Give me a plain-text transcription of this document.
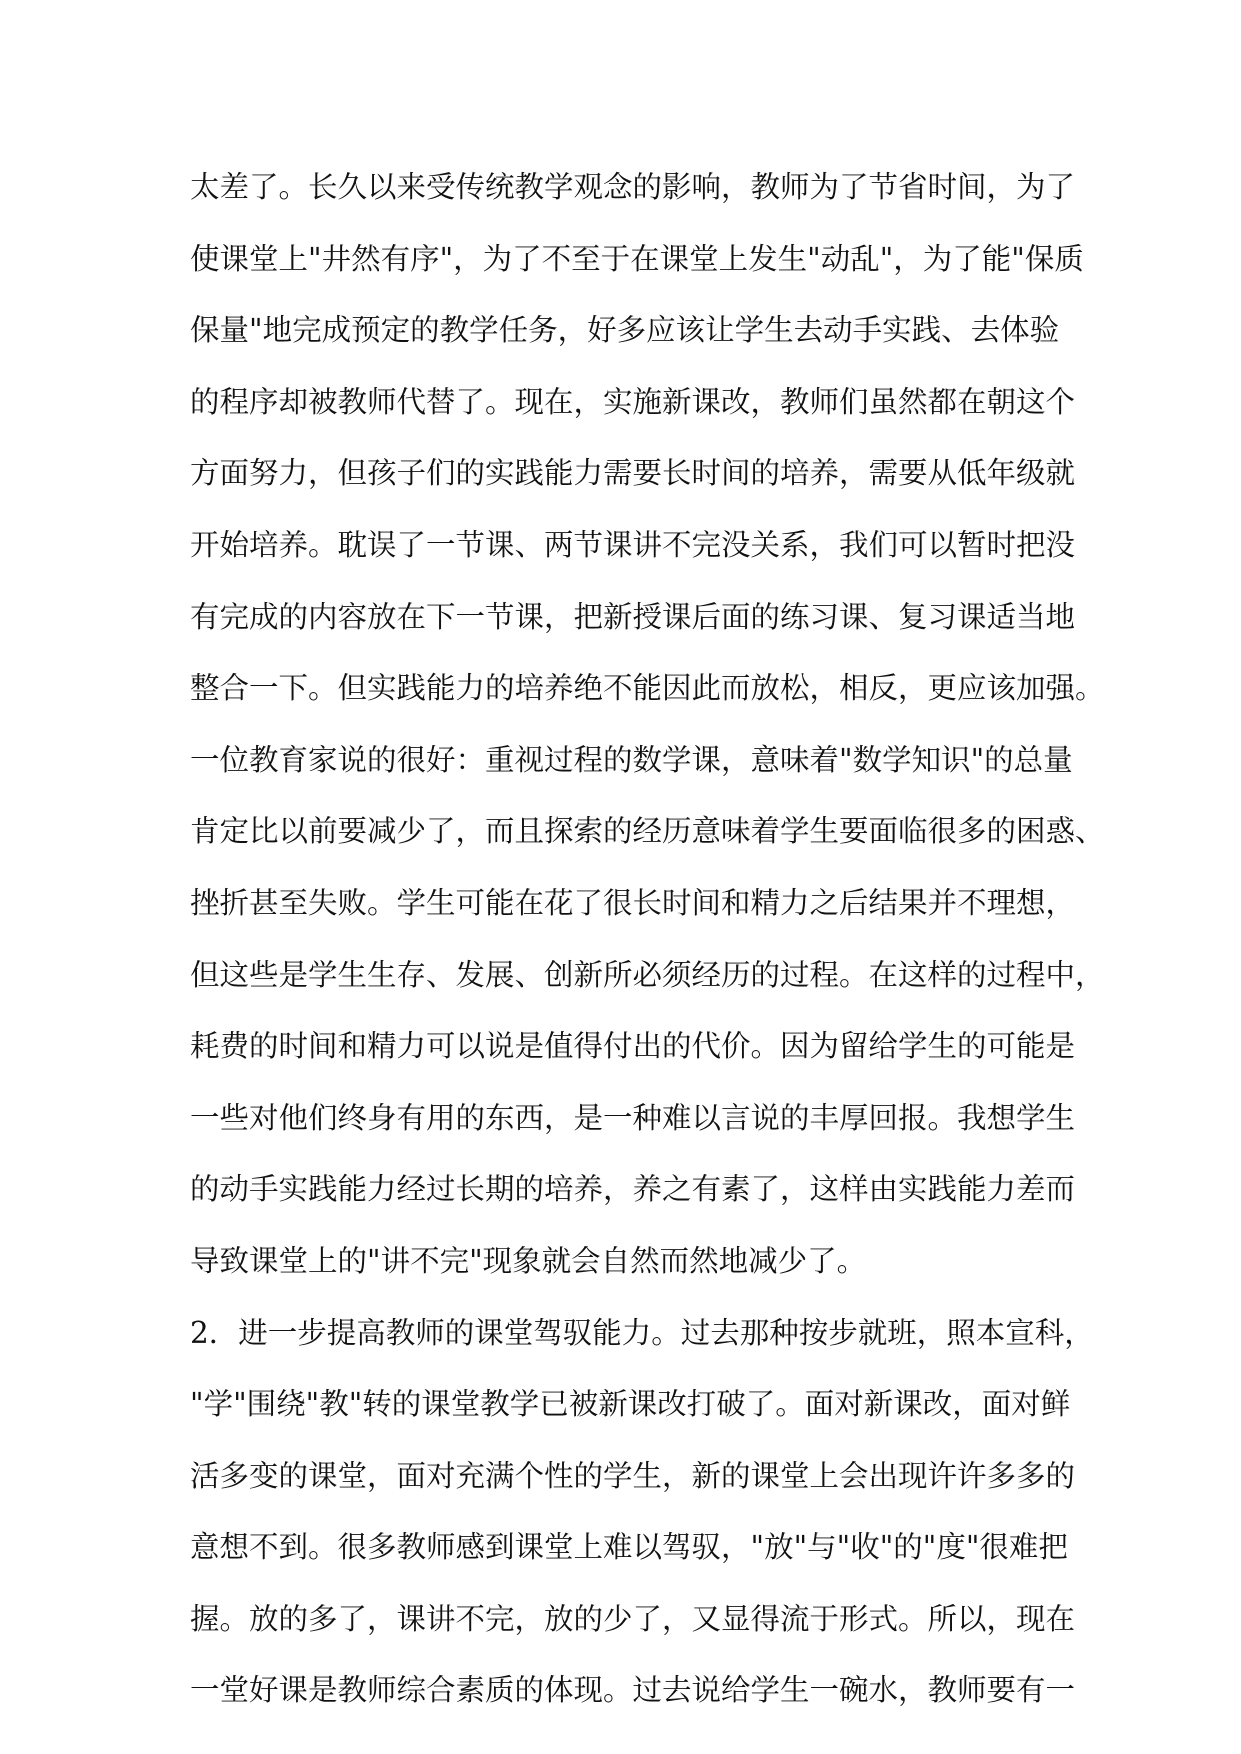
太差了。长久以来受传统教学观念的影响，教师为了节省时间，为了
使课堂上"井然有序"，为了不至于在课堂上发生"动乱"，为了能"保质
保量"地完成预定的教学任务，好多应该让学生去动手实践、去体验
的程序却被教师代替了。现在，实施新课改，教师们虽然都在朝这个
方面努力，但孩子们的实践能力需要长时间的培养，需要从低年级就
开始培养。耽误了一节课、两节课讲不完没关系，我们可以暂时把没
有完成的内容放在下一节课，把新授课后面的练习课、复习课适当地
整合一下。但实践能力的培养绝不能因此而放松，相反，更应该加强。
一位教育家说的很好：重视过程的数学课，意味着"数学知识"的总量
肯定比以前要减少了，而且探索的经历意味着学生要面临很多的困惑、
挫折甚至失败。学生可能在花了很长时间和精力之后结果并不理想，
但这些是学生生存、发展、创新所必须经历的过程。在这样的过程中，
耗费的时间和精力可以说是值得付出的代价。因为留给学生的可能是
一些对他们终身有用的东西，是一种难以言说的丰厚回报。我想学生
的动手实践能力经过长期的培养，养之有素了，这样由实践能力差而
导致课堂上的"讲不完"现象就会自然而然地减少了。
2．进一步提高教师的课堂驾驭能力。过去那种按步就班，照本宣科，
"学"围绕"教"转的课堂教学已被新课改打破了。面对新课改，面对鲜
活多变的课堂，面对充满个性的学生，新的课堂上会出现许许多多的
意想不到。很多教师感到课堂上难以驾驭，"放"与"收"的"度"很难把
握。放的多了，课讲不完，放的少了，又显得流于形式。所以，现在
一堂好课是教师综合素质的体现。过去说给学生一碗水，教师要有一
